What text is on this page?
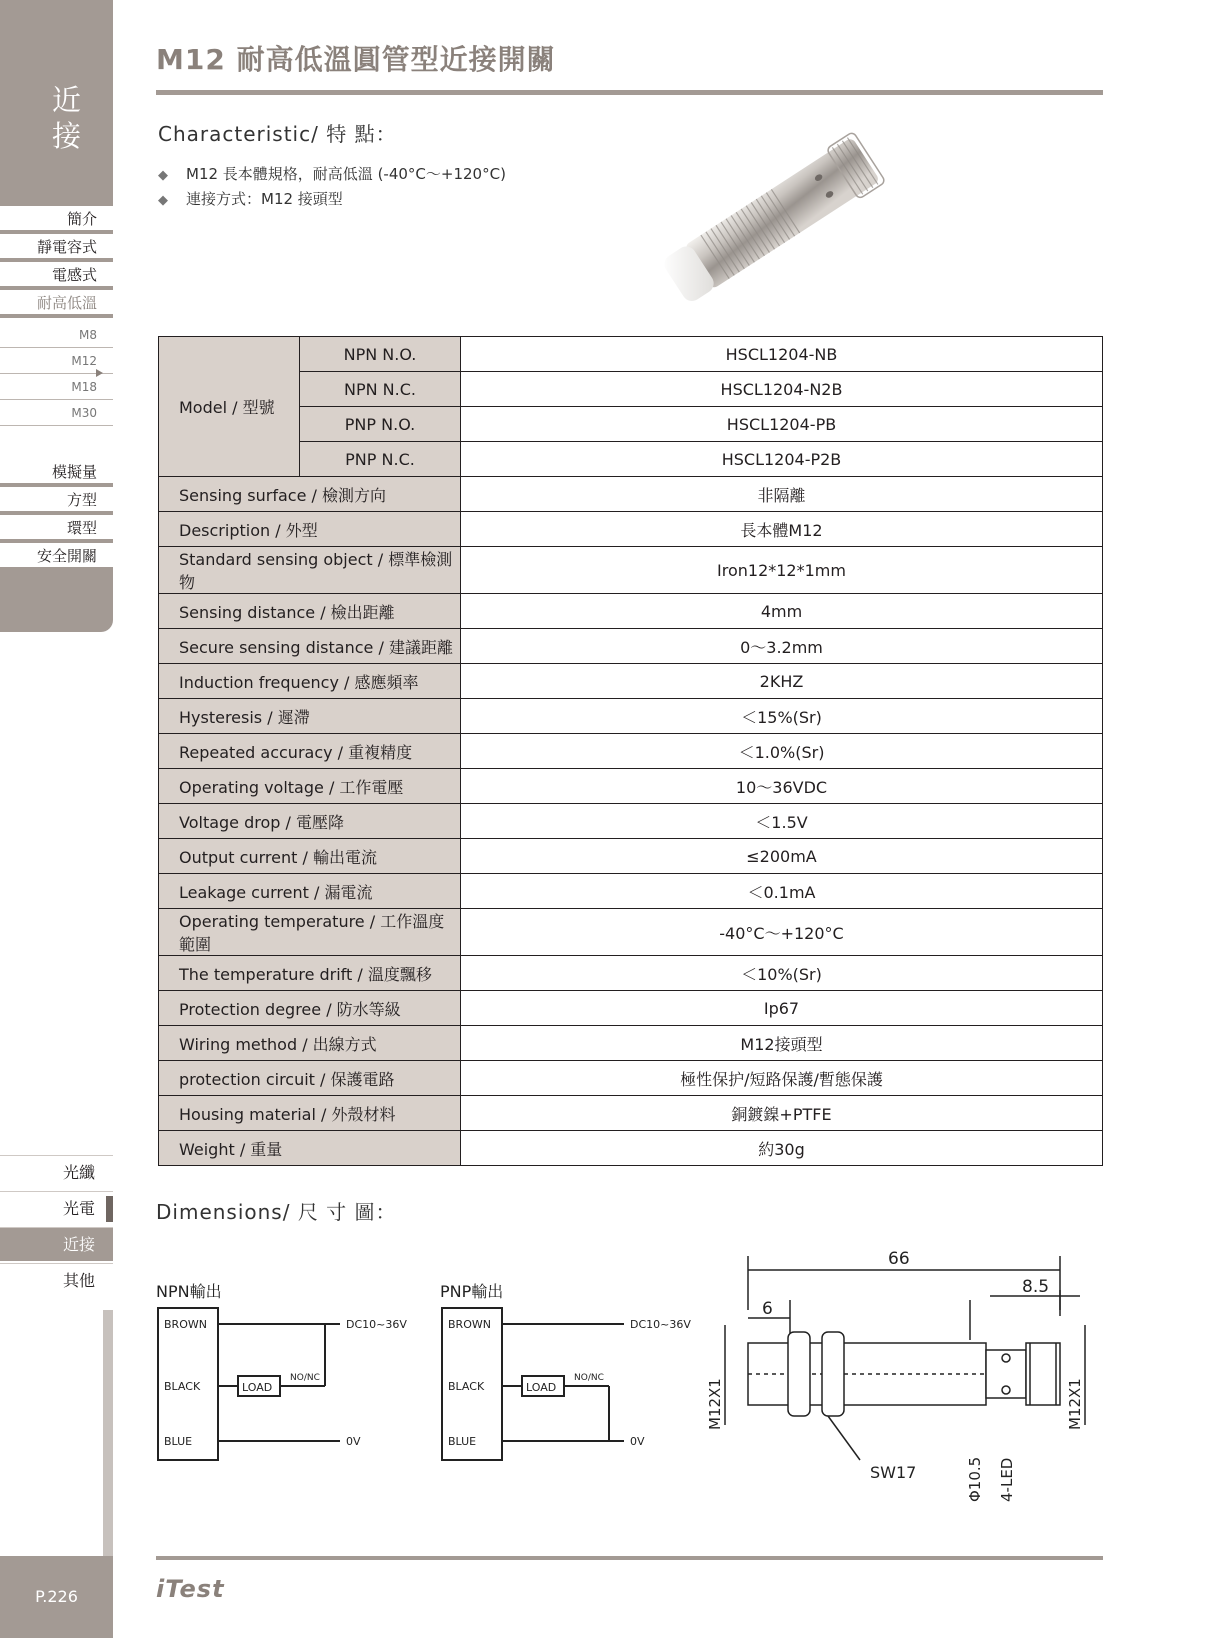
近
接
簡介
靜電容式
電感式
耐高低溫
M8
M12
M18
M30
模擬量
方型
環型
安全開關
光纖
光電
近接
其他
P.226
M12 耐高低溫圓管型近接開關
Characteristic/ 特 點：
◆ M12 長本體規格，耐高低溫 (-40°C～+120°C)
◆ 連接方式：M12 接頭型
Model / 型號	NPN N.O.	HSCL1204-NB
	NPN N.C.	HSCL1204-N2B
	PNP N.O.	HSCL1204-PB
	PNP N.C.	HSCL1204-P2B
Sensing surface / 檢測方向		非隔離
Description / 外型		長本體M12
Standard sensing object / 標準檢測物		Iron12*12*1mm
Sensing distance / 檢出距離		4mm
Secure sensing distance / 建議距離		0～3.2mm
Induction frequency / 感應頻率		2KHZ
Hysteresis / 遲滯		＜15%(Sr)
Repeated accuracy / 重複精度		＜1.0%(Sr)
Operating voltage / 工作電壓		10～36VDC
Voltage drop / 電壓降		＜1.5V
Output current / 輸出電流		≤200mA
Leakage current / 漏電流		＜0.1mA
Operating temperature / 工作溫度範圍		-40°C～+120°C
The temperature drift / 溫度飄移		＜10%(Sr)
Protection degree / 防水等級		Ip67
Wiring method / 出線方式		M12接頭型
protection circuit / 保護電路		極性保护/短路保護/暫態保護
Housing material / 外殼材料		銅鍍鎳+PTFE
Weight / 重量		約30g
Dimensions/ 尺 寸 圖：
NPN輸出
BROWN
BLACK
BLUE
DC10~36V
LOAD
NO/NC
0V
PNP輸出
BROWN
BLACK
BLUE
DC10~36V
LOAD
NO/NC
0V
66
6
8.5
SW17
M12X1	M12X1
Φ10.5 4-LED
iTest
